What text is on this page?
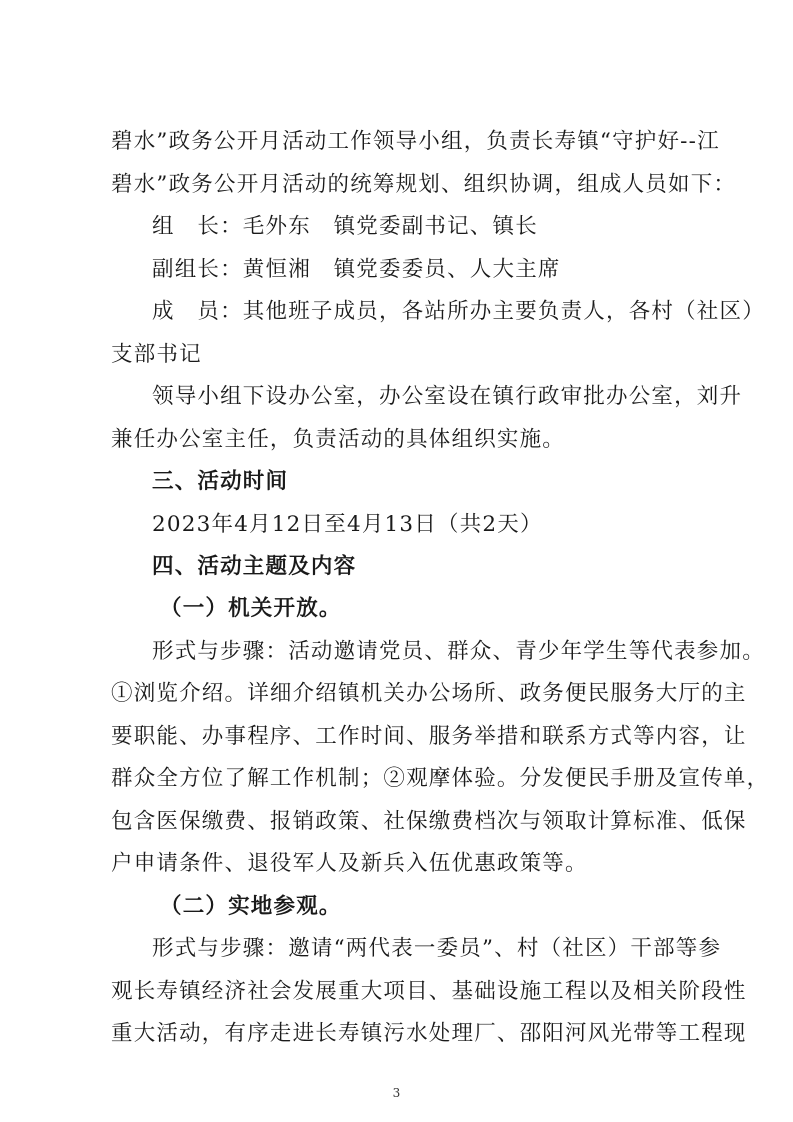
碧水”政务公开月活动工作领导小组，负责长寿镇“守护好--江
碧水”政务公开月活动的统筹规划、组织协调，组成人员如下：
组　长：毛外东　镇党委副书记、镇长
副组长：黄恒湘　镇党委委员、人大主席
成　员：其他班子成员，各站所办主要负责人，各村（社区）
支部书记
领导小组下设办公室，办公室设在镇行政审批办公室，刘升
兼任办公室主任，负责活动的具体组织实施。
三、活动时间
2023年4月12日至4月13日（共2天）
四、活动主题及内容
（一）机关开放。
形式与步骤：活动邀请党员、群众、青少年学生等代表参加。
①浏览介绍。详细介绍镇机关办公场所、政务便民服务大厅的主
要职能、办事程序、工作时间、服务举措和联系方式等内容，让
群众全方位了解工作机制；②观摩体验。分发便民手册及宣传单，
包含医保缴费、报销政策、社保缴费档次与领取计算标准、低保
户申请条件、退役军人及新兵入伍优惠政策等。
（二）实地参观。
形式与步骤：邀请“两代表一委员”、村（社区）干部等参
观长寿镇经济社会发展重大项目、基础设施工程以及相关阶段性
重大活动，有序走进长寿镇污水处理厂、邵阳河风光带等工程现
3
